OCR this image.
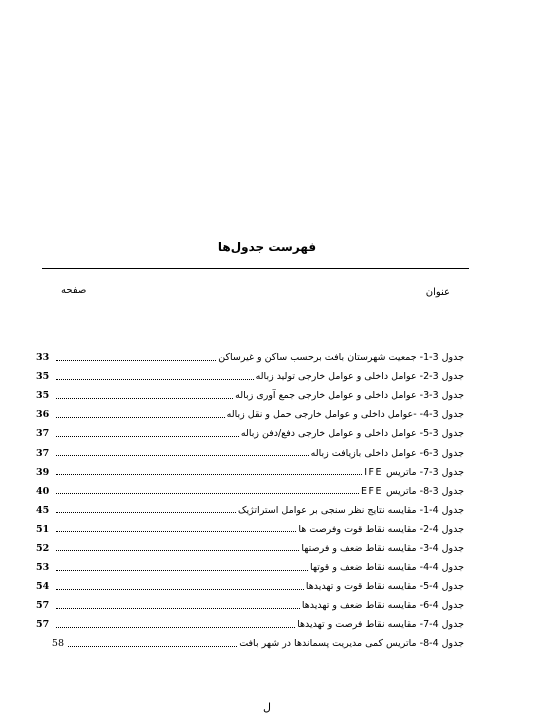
فهرست جدول‌ها
عنوان
صفحه
جدول 3-1- جمعیت شهرستان بافت برحسب ساکن و غیرساکن
33
جدول 3-2- عوامل داخلی و عوامل خارجی تولید زباله
35
جدول 3-3- عوامل داخلی و عوامل خارجی جمع آوری زباله
35
جدول 3-4- -عوامل داخلی و عوامل خارجی حمل و نقل زباله
36
جدول 3-5- عوامل داخلی و عوامل خارجی دفع/دفن زباله
37
جدول 3-6- عوامل داخلی بازیافت زباله
37
جدول 3-7- ماتریس IFE
39
جدول 3-8- ماتریس EFE
40
جدول 4-1- مقایسه نتایج نظر سنجی بر عوامل استراتژیک
45
جدول 4-2- مقایسه نقاط قوت وفرصت ها
51
جدول 4-3- مقایسه نقاط ضعف و فرصتها
52
جدول 4-4- مقایسه نقاط ضعف و قوتها
53
جدول 4-5- مقایسه نقاط قوت و تهدیدها
54
جدول 4-6- مقایسه نقاط ضعف و تهدیدها
57
جدول 4-7- مقایسه نقاط فرصت و تهدیدها
57
جدول 4-8- ماتریس کمی مدیریت پسماندها در شهر بافت
58
ل
